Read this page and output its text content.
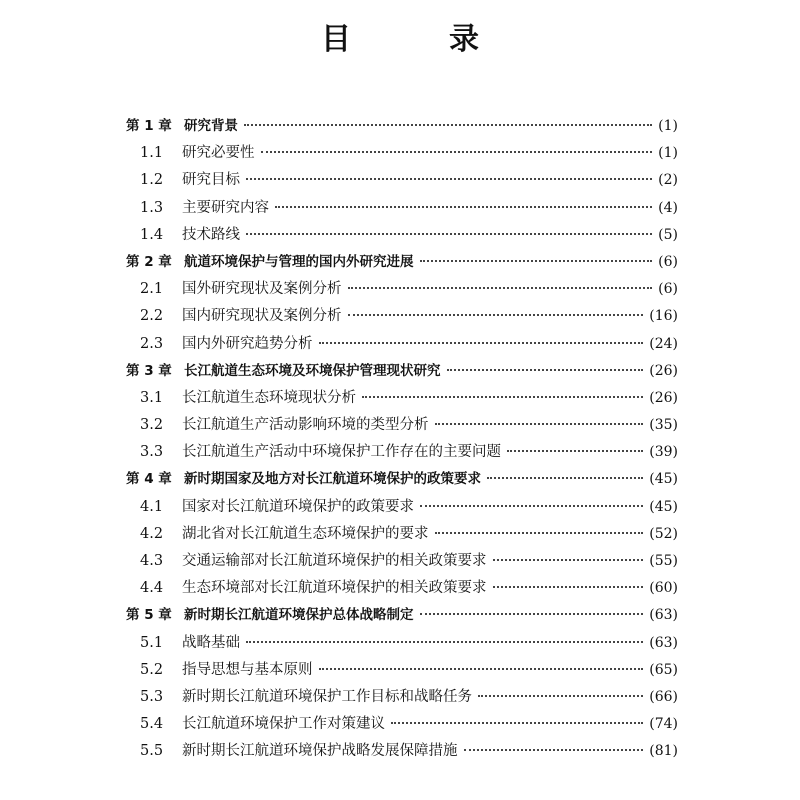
目　录
第 1 章 研究背景	(1)
1.1	研究必要性	(1)
1.2	研究目标	(2)
1.3	主要研究内容	(4)
1.4	技术路线	(5)
第 2 章 航道环境保护与管理的国内外研究进展	(6)
2.1	国外研究现状及案例分析	(6)
2.2	国内研究现状及案例分析	(16)
2.3	国内外研究趋势分析	(24)
第 3 章 长江航道生态环境及环境保护管理现状研究	(26)
3.1	长江航道生态环境现状分析	(26)
3.2	长江航道生产活动影响环境的类型分析	(35)
3.3	长江航道生产活动中环境保护工作存在的主要问题	(39)
第 4 章 新时期国家及地方对长江航道环境保护的政策要求	(45)
4.1	国家对长江航道环境保护的政策要求	(45)
4.2	湖北省对长江航道生态环境保护的要求	(52)
4.3	交通运输部对长江航道环境保护的相关政策要求	(55)
4.4	生态环境部对长江航道环境保护的相关政策要求	(60)
第 5 章 新时期长江航道环境保护总体战略制定	(63)
5.1	战略基础	(63)
5.2	指导思想与基本原则	(65)
5.3	新时期长江航道环境保护工作目标和战略任务	(66)
5.4	长江航道环境保护工作对策建议	(74)
5.5	新时期长江航道环境保护战略发展保障措施	(81)
